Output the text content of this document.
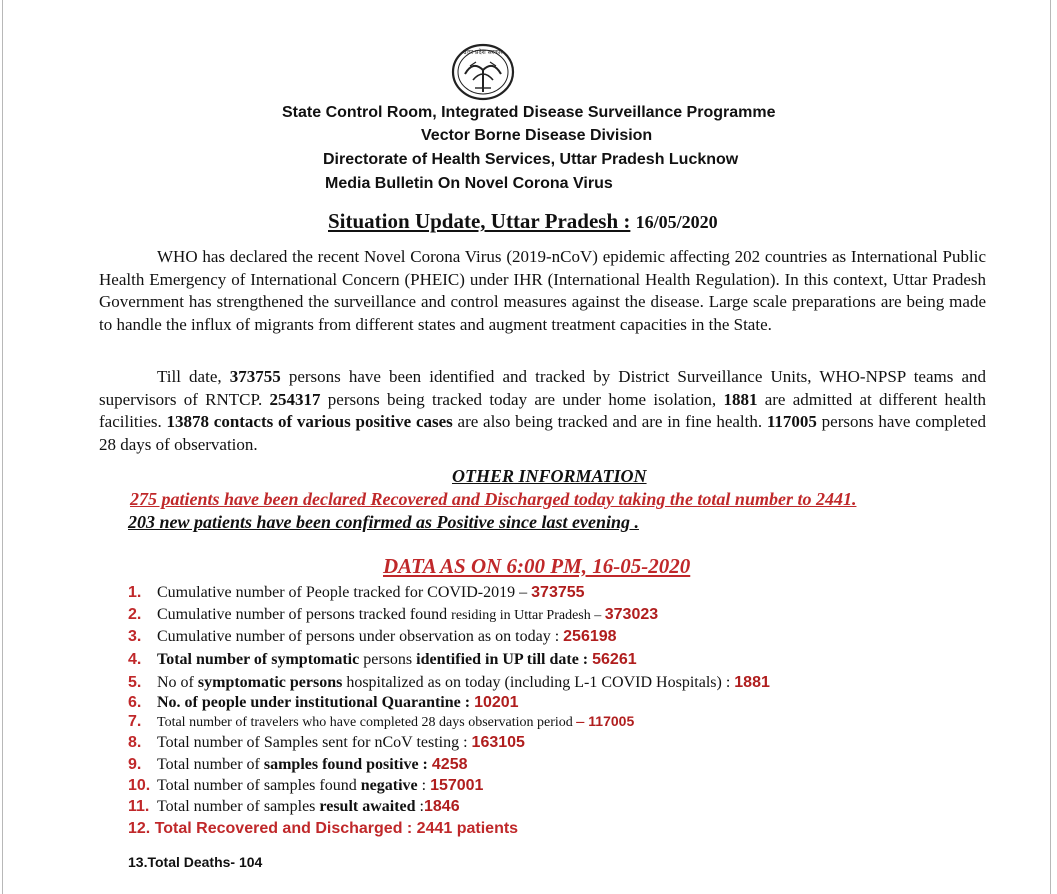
उत्तर प्रदेश सरकार
State Control Room, Integrated Disease Surveillance Programme
Vector Borne Disease Division
Directorate of Health Services, Uttar Pradesh Lucknow
Media Bulletin On Novel Corona Virus
Situation Update, Uttar Pradesh : 16/05/2020

WHO has declared the recent Novel Corona Virus (2019-nCoV) epidemic affecting 202 countries as International Public Health Emergency of International Concern (PHEIC) under IHR (International Health Regulation). In this context, Uttar Pradesh Government has strengthened the surveillance and control measures against the disease. Large scale preparations are being made to handle the influx of migrants from different states and augment treatment capacities in the State.

Till date, 373755 persons have been identified and tracked by District Surveillance Units, WHO-NPSP teams and supervisors of RNTCP. 254317 persons being tracked today are under home isolation, 1881 are admitted at different health facilities. 13878 contacts of various positive cases are also being tracked and are in fine health. 117005 persons have completed 28 days of observation.

OTHER INFORMATION
275 patients have been declared Recovered and Discharged today taking the total number to 2441.
203 new patients have been confirmed as Positive since last evening .
DATA AS ON 6:00 PM, 16-05-2020
1. Cumulative number of People tracked for COVID-2019 – 373755
2. Cumulative number of persons tracked found residing in Uttar Pradesh – 373023
3. Cumulative number of persons under observation as on today : 256198
4. Total number of symptomatic persons identified in UP till date : 56261
5. No of symptomatic persons hospitalized as on today (including L-1 COVID Hospitals) : 1881
6. No. of people under institutional Quarantine : 10201
7. Total number of travelers who have completed 28 days observation period – 117005
8. Total number of Samples sent for nCoV testing : 163105
9. Total number of samples found positive : 4258
10. Total number of samples found negative : 157001
11. Total number of samples result awaited :1846
12. Total Recovered and Discharged : 2441 patients
13.Total Deaths- 104
